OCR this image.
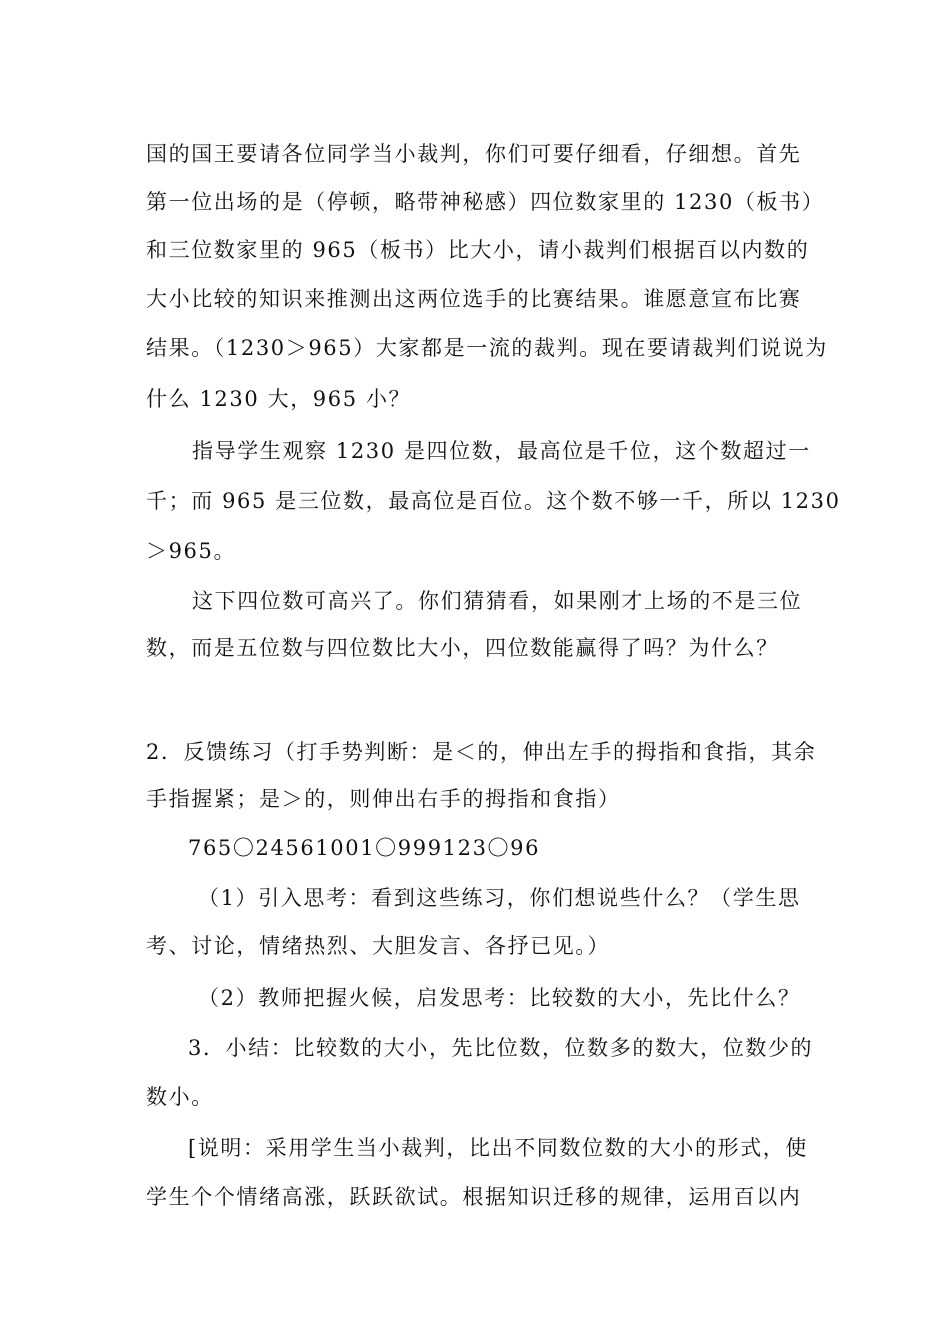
国的国王要请各位同学当小裁判，你们可要仔细看，仔细想。首先
第一位出场的是（停顿，略带神秘感）四位数家里的 1230（板书）
和三位数家里的 965（板书）比大小，请小裁判们根据百以内数的
大小比较的知识来推测出这两位选手的比赛结果。谁愿意宣布比赛
结果。（1230＞965）大家都是一流的裁判。现在要请裁判们说说为
什么 1230 大，965 小？
指导学生观察 1230 是四位数，最高位是千位，这个数超过一
千；而 965 是三位数，最高位是百位。这个数不够一千，所以 1230
＞965。
这下四位数可高兴了。你们猜猜看，如果刚才上场的不是三位
数，而是五位数与四位数比大小，四位数能赢得了吗？为什么？
2．反馈练习（打手势判断：是＜的，伸出左手的拇指和食指，其余
手指握紧；是＞的，则伸出右手的拇指和食指）
765〇24561001〇999123〇96
（1）引入思考：看到这些练习，你们想说些什么？（学生思
考、讨论，情绪热烈、大胆发言、各抒已见。）
（2）教师把握火候，启发思考：比较数的大小，先比什么？
3．小结：比较数的大小，先比位数，位数多的数大，位数少的
数小。
[说明：采用学生当小裁判，比出不同数位数的大小的形式，使
学生个个情绪高涨，跃跃欲试。根据知识迁移的规律，运用百以内
